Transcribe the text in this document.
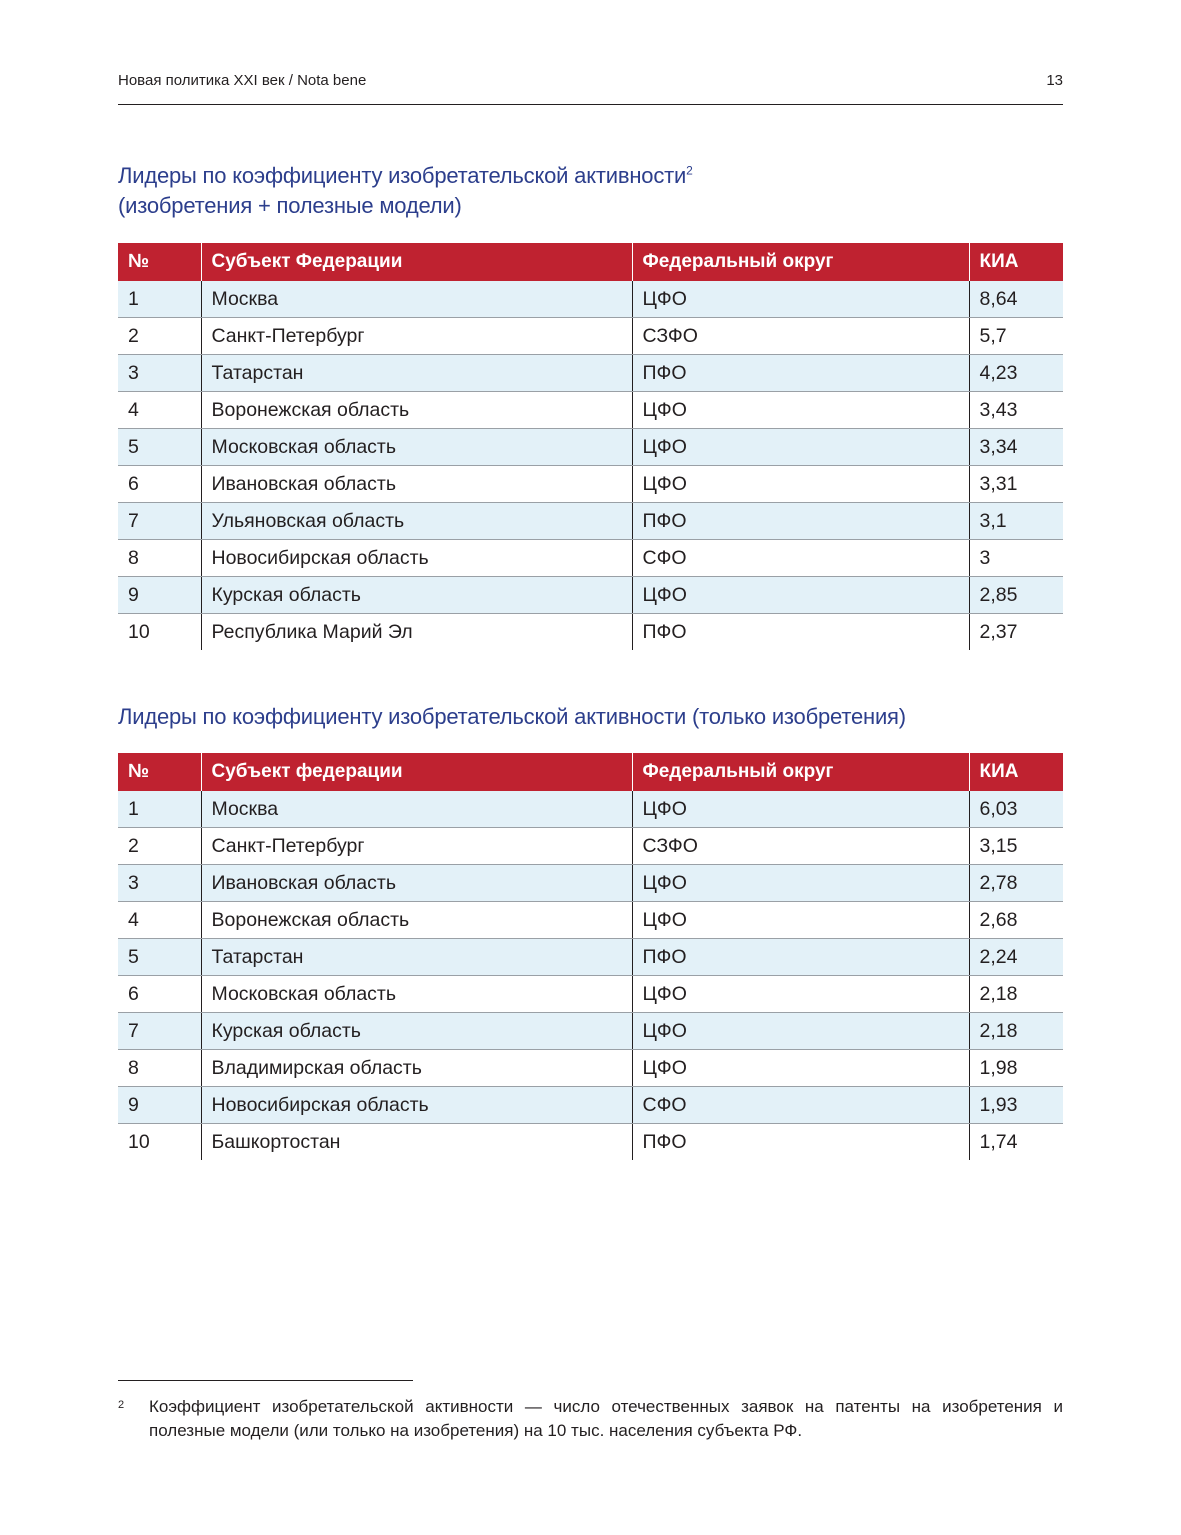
Новая политика XXI век / Nota bene	13
Лидеры по коэффициенту изобретательской активности$^2$
(изобретения + полезные модели)
№	Субъект Федерации	Федеральный округ	КИА
1	Москва	ЦФО	8,64
2	Санкт-Петербург	СЗФО	5,7
3	Татарстан	ПФО	4,23
4	Воронежская область	ЦФО	3,43
5	Московская область	ЦФО	3,34
6	Ивановская область	ЦФО	3,31
7	Ульяновская область	ПФО	3,1
8	Новосибирская область	СФО	3
9	Курская область	ЦФО	2,85
10	Республика Марий Эл	ПФО	2,37
Лидеры по коэффициенту изобретательской активности (только изобретения)
№	Субъект федерации	Федеральный округ	КИА
1	Москва	ЦФО	6,03
2	Санкт-Петербург	СЗФО	3,15
3	Ивановская область	ЦФО	2,78
4	Воронежская область	ЦФО	2,68
5	Татарстан	ПФО	2,24
6	Московская область	ЦФО	2,18
7	Курская область	ЦФО	2,18
8	Владимирская область	ЦФО	1,98
9	Новосибирская область	СФО	1,93
10	Башкортостан	ПФО	1,74
2 Коэффициент изобретательской активности — число отечественных заявок на патенты на изобретения и полезные модели (или только на изобретения) на 10 тыс. населения субъекта РФ.
